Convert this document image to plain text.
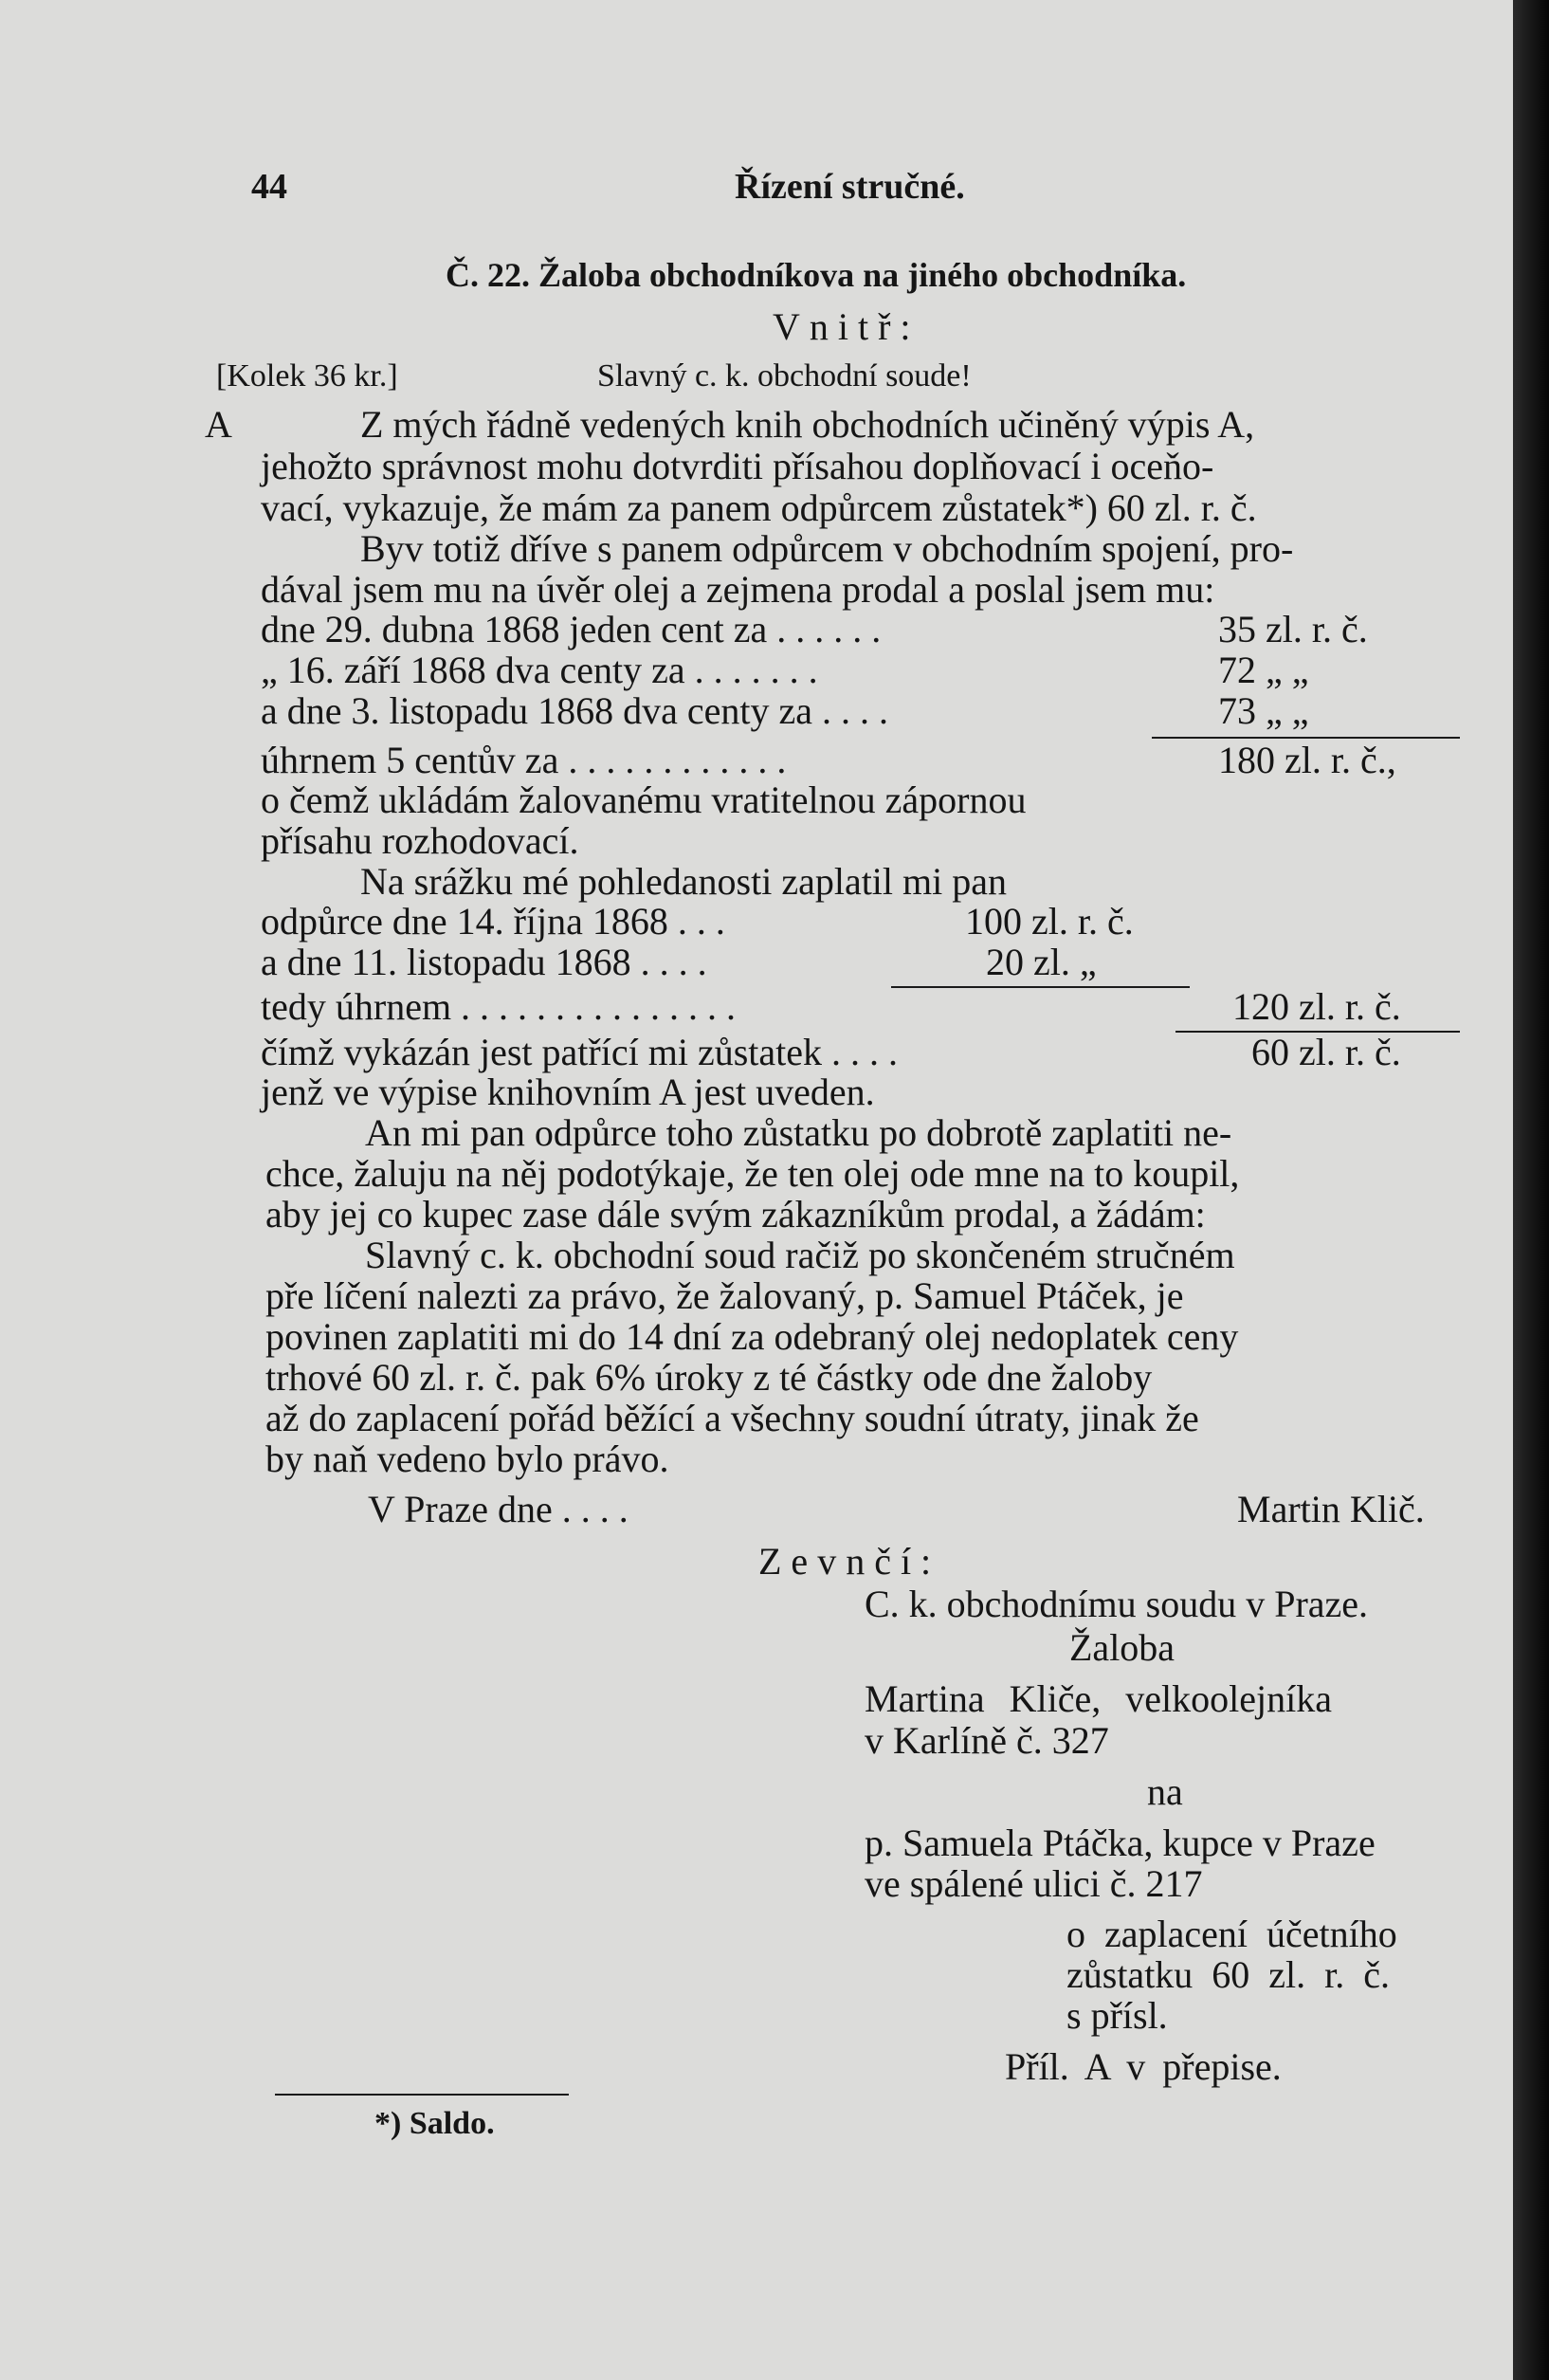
44	Řízení stručné.
Č. 22. Žaloba obchodníkova na jiného obchodníka.
Vnitř:
[Kolek 36 kr.]	Slavný c. k. obchodní soude!
A	Z mých řádně vedených knih obchodních učiněný výpis A,
jehožto správnost mohu dotvrditi přísahou doplňovací i oceňo-
vací, vykazuje, že mám za panem odpůrcem zůstatek*) 60 zl. r. č.
Byv totiž dříve s panem odpůrcem v obchodním spojení, pro-
dával jsem mu na úvěr olej a zejmena prodal a poslal jsem mu:
dne 29. dubna 1868 jeden cent za . . . . . .	35 zl. r. č.
„ 16. září 1868 dva centy za . . . . . . .	72 „ „
a dne 3. listopadu 1868 dva centy za . . . .	73 „ „
úhrnem 5 centův za . . . . . . . . . . . .	180 zl. r. č.,
o čemž ukládám žalovanému vratitelnou zápornou
přísahu rozhodovací.
Na srážku mé pohledanosti zaplatil mi pan
odpůrce dne 14. října 1868 . . .	100 zl. r. č.
a dne 11. listopadu 1868 . . . .	20 zl. „
tedy úhrnem . . . . . . . . . . . . . . .	120 zl. r. č.
čímž vykázán jest patřící mi zůstatek . . . .	60 zl. r. č.
jenž ve výpise knihovním A jest uveden.
An mi pan odpůrce toho zůstatku po dobrotě zaplatiti ne-
chce, žaluju na něj podotýkaje, že ten olej ode mne na to koupil,
aby jej co kupec zase dále svým zákazníkům prodal, a žádám:
Slavný c. k. obchodní soud račiž po skončeném stručném
pře líčení nalezti za právo, že žalovaný, p. Samuel Ptáček, je
povinen zaplatiti mi do 14 dní za odebraný olej nedoplatek ceny
trhové 60 zl. r. č. pak 6% úroky z té částky ode dne žaloby
až do zaplacení pořád běžící a všechny soudní útraty, jinak že
by naň vedeno bylo právo.
V Praze dne . . . .	Martin Klič.
Zevnčí:
C. k. obchodnímu soudu v Praze.
Žaloba
Martina Kliče, velkoolejníka
v Karlíně č. 327
na
p. Samuela Ptáčka, kupce v Praze
ve spálené ulici č. 217
o zaplacení účetního
zůstatku 60 zl. r. č.
s přísl.
Příl. A v přepise.
*) Saldo.
